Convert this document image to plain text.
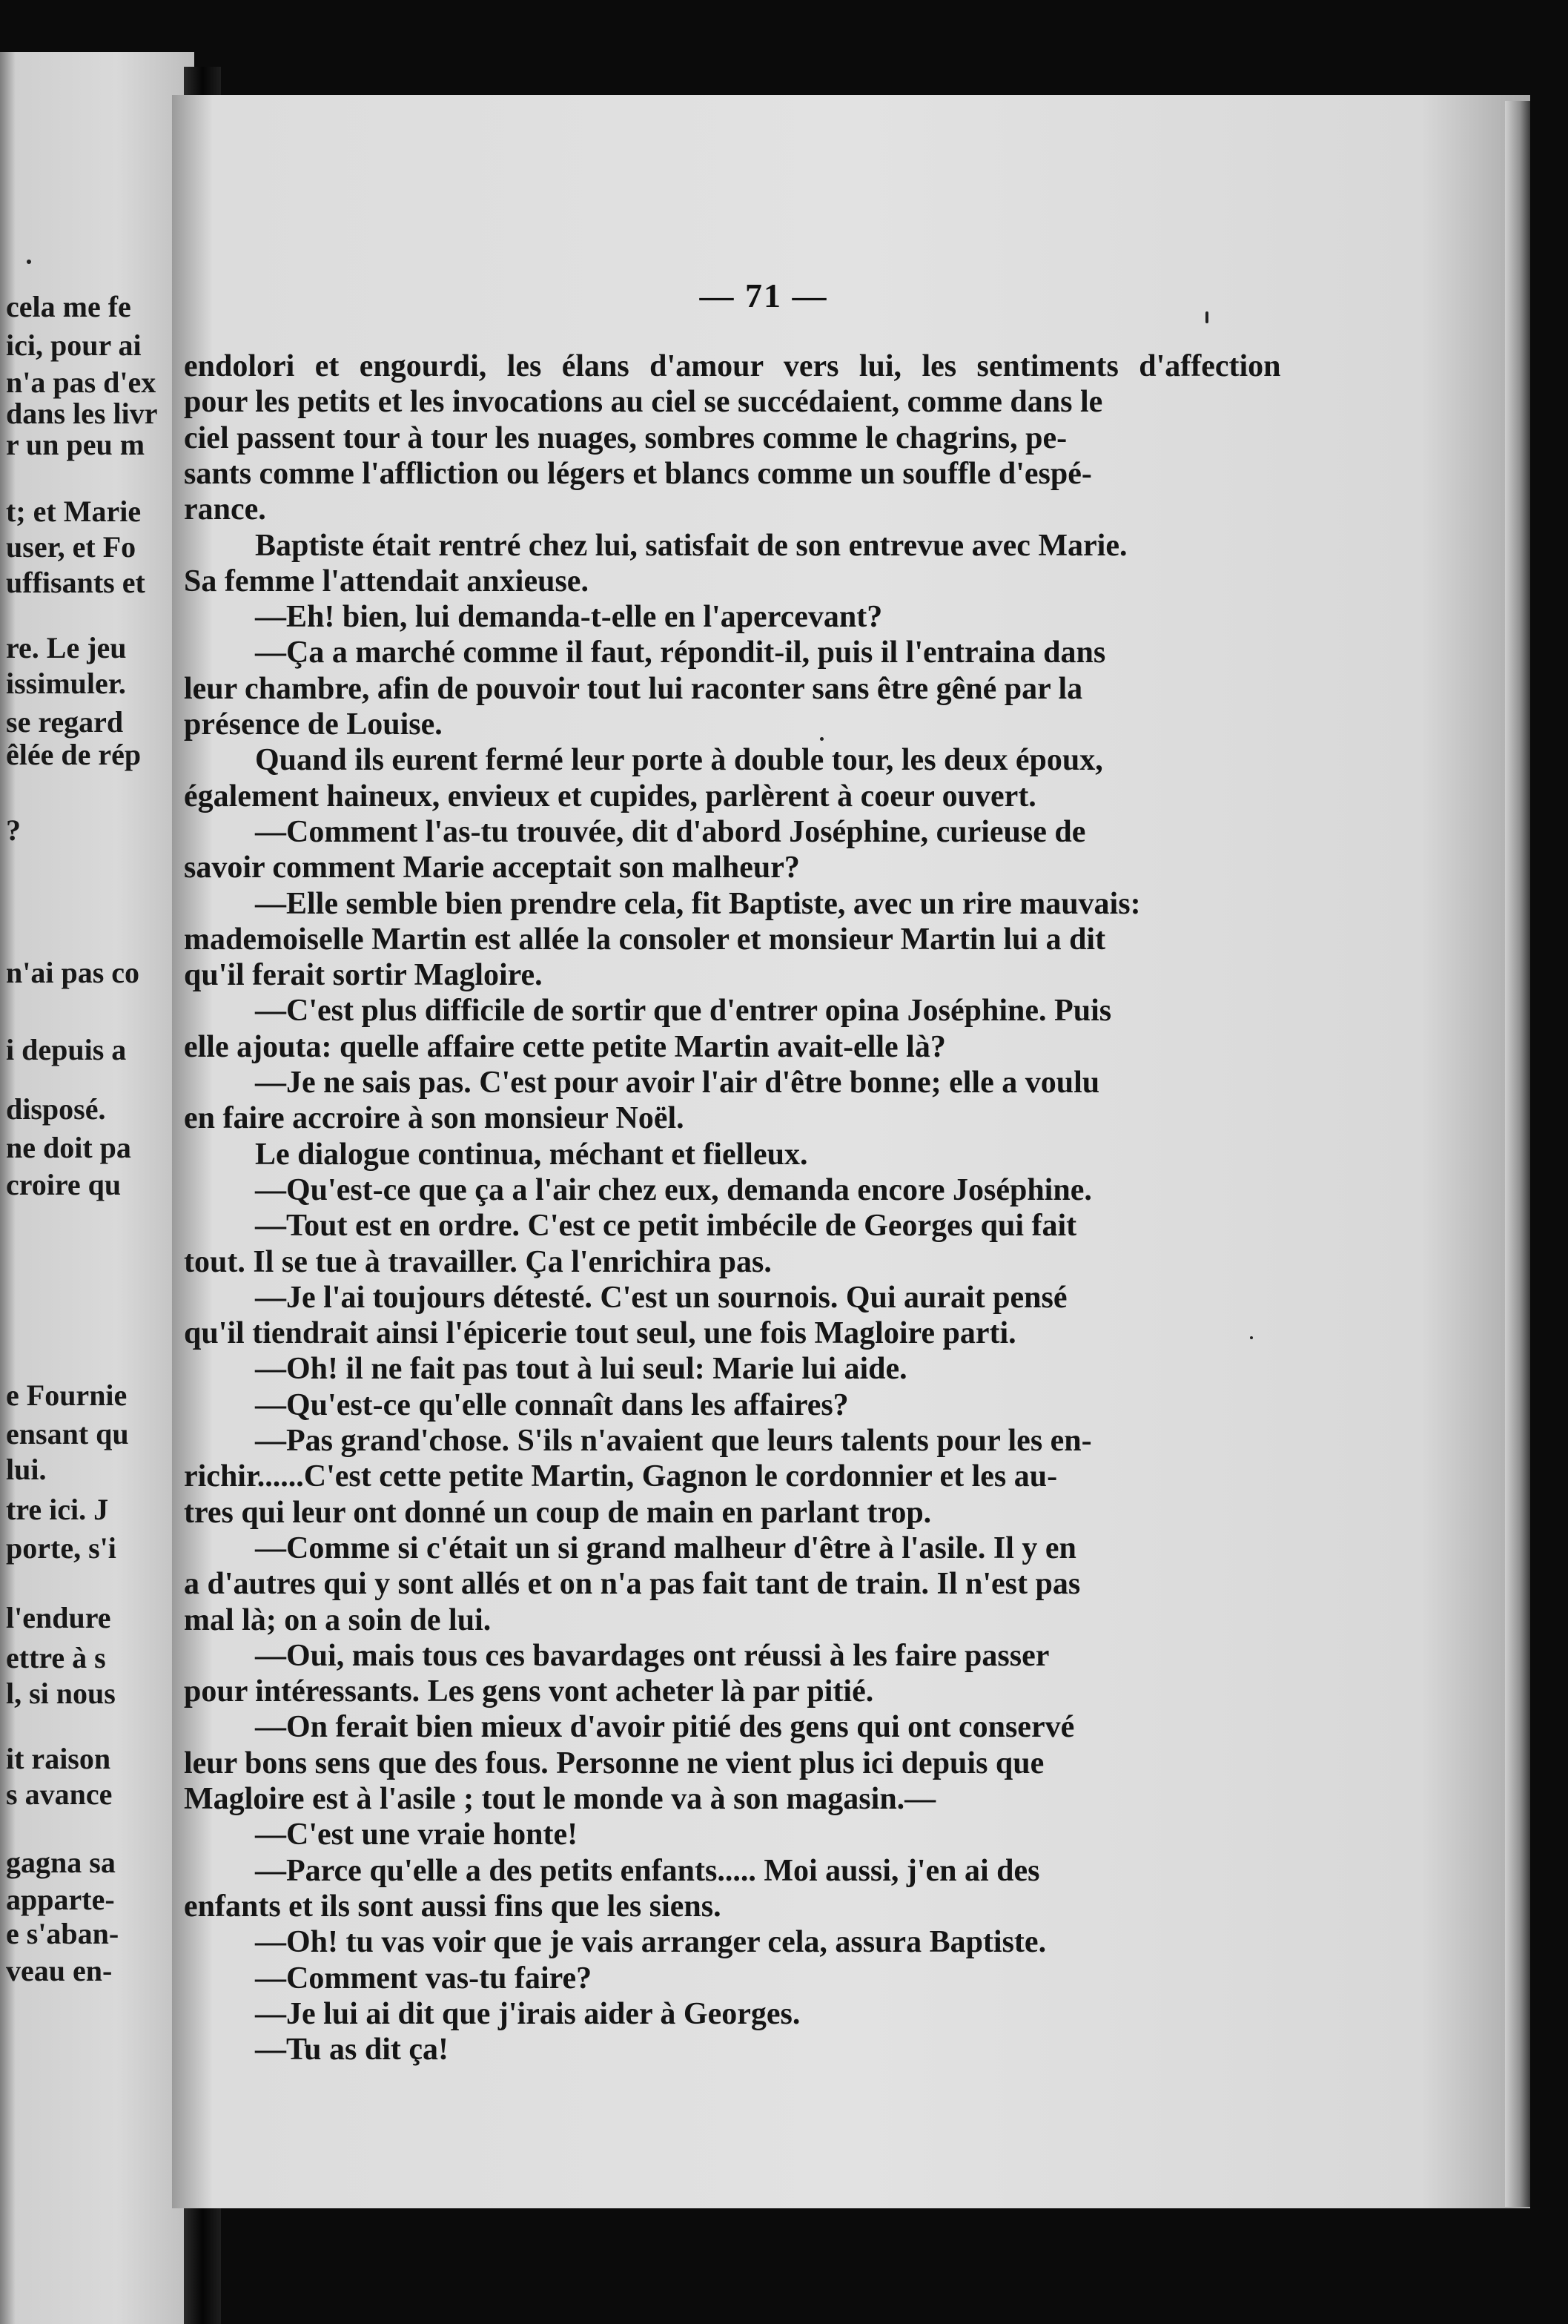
cela me fe
ici, pour ai
n'a pas d'ex
dans les livr
r un peu m
t; et Marie
user, et Fo
uffisants et
re. Le jeu
issimuler.
se regard
êlée de rép
?
n'ai pas co
i depuis a
disposé.
ne doit pa
croire qu
e Fournie
ensant qu
lui.
tre ici. J
porte, s'i
l'endure
ettre à s
l, si nous
it raison
s avance
gagna sa
apparte-
e s'aban-
veau en-
— 71 —
endolori et engourdi, les élans d'amour vers lui, les sentiments d'affection
pour les petits et les invocations au ciel se succédaient, comme dans le
ciel passent tour à tour les nuages, sombres comme le chagrins, pe-
sants comme l'affliction ou légers et blancs comme un souffle d'espé-
rance.
Baptiste était rentré chez lui, satisfait de son entrevue avec Marie.
Sa femme l'attendait anxieuse.
—Eh! bien, lui demanda-t-elle en l'apercevant?
—Ça a marché comme il faut, répondit-il, puis il l'entraina dans
leur chambre, afin de pouvoir tout lui raconter sans être gêné par la
présence de Louise.
Quand ils eurent fermé leur porte à double tour, les deux époux,
également haineux, envieux et cupides, parlèrent à coeur ouvert.
—Comment l'as-tu trouvée, dit d'abord Joséphine, curieuse de
savoir comment Marie acceptait son malheur?
—Elle semble bien prendre cela, fit Baptiste, avec un rire mauvais:
mademoiselle Martin est allée la consoler et monsieur Martin lui a dit
qu'il ferait sortir Magloire.
—C'est plus difficile de sortir que d'entrer opina Joséphine. Puis
elle ajouta: quelle affaire cette petite Martin avait-elle là?
—Je ne sais pas. C'est pour avoir l'air d'être bonne; elle a voulu
en faire accroire à son monsieur Noël.
Le dialogue continua, méchant et fielleux.
—Qu'est-ce que ça a l'air chez eux, demanda encore Joséphine.
—Tout est en ordre. C'est ce petit imbécile de Georges qui fait
tout. Il se tue à travailler. Ça l'enrichira pas.
—Je l'ai toujours détesté. C'est un sournois. Qui aurait pensé
qu'il tiendrait ainsi l'épicerie tout seul, une fois Magloire parti.
—Oh! il ne fait pas tout à lui seul: Marie lui aide.
—Qu'est-ce qu'elle connaît dans les affaires?
—Pas grand'chose. S'ils n'avaient que leurs talents pour les en-
richir......C'est cette petite Martin, Gagnon le cordonnier et les au-
tres qui leur ont donné un coup de main en parlant trop.
—Comme si c'était un si grand malheur d'être à l'asile. Il y en
a d'autres qui y sont allés et on n'a pas fait tant de train. Il n'est pas
mal là; on a soin de lui.
—Oui, mais tous ces bavardages ont réussi à les faire passer
pour intéressants. Les gens vont acheter là par pitié.
—On ferait bien mieux d'avoir pitié des gens qui ont conservé
leur bons sens que des fous. Personne ne vient plus ici depuis que
Magloire est à l'asile ; tout le monde va à son magasin.—
—C'est une vraie honte!
—Parce qu'elle a des petits enfants..... Moi aussi, j'en ai des
enfants et ils sont aussi fins que les siens.
—Oh! tu vas voir que je vais arranger cela, assura Baptiste.
—Comment vas-tu faire?
—Je lui ai dit que j'irais aider à Georges.
—Tu as dit ça!
